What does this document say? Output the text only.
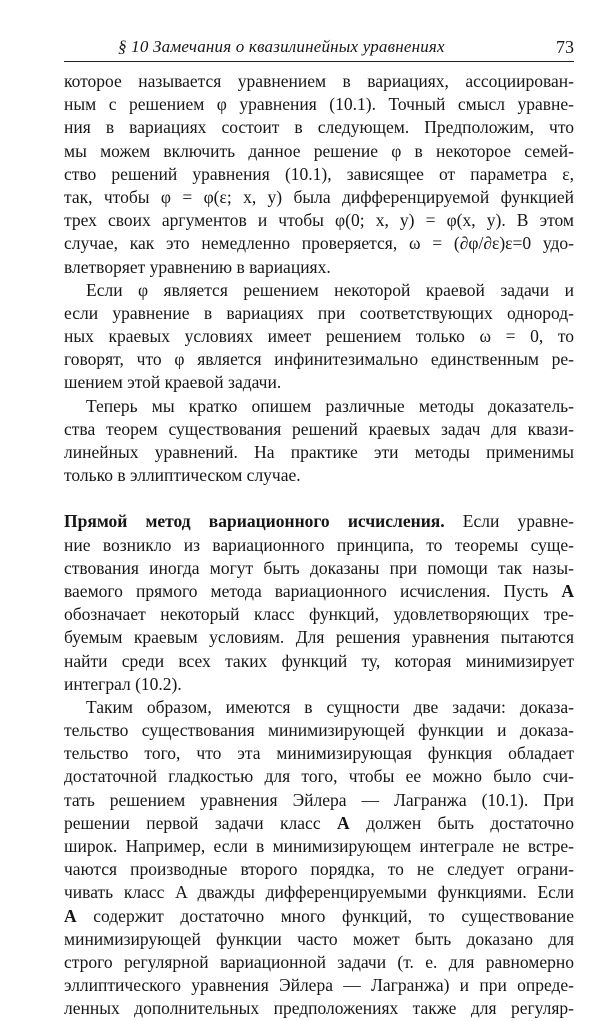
§ 10 Замечания о квазилинейных уравнениях	73
которое называется уравнением в вариациях, ассоциирован-
ным с решением φ уравнения (10.1). Точный смысл уравне-
ния в вариациях состоит в следующем. Предположим, что
мы можем включить данное решение φ в некоторое семей-
ство решений уравнения (10.1), зависящее от параметра ε,
так, чтобы φ = φ(ε; x, y) была дифференцируемой функцией
трех своих аргументов и чтобы φ(0; x, y) = φ(x, y). В этом
случае, как это немедленно проверяется, ω = (∂φ/∂ε)ε=0 удо-
влетворяет уравнению в вариациях.
Если φ является решением некоторой краевой задачи и
если уравнение в вариациях при соответствующих однород-
ных краевых условиях имеет решением только ω = 0, то
говорят, что φ является инфинитезимально единственным ре-
шением этой краевой задачи.
Теперь мы кратко опишем различные методы доказатель-
ства теорем существования решений краевых задач для квази-
линейных уравнений. На практике эти методы применимы
только в эллиптическом случае.
Прямой метод вариационного исчисления. Если уравне-
ние возникло из вариационного принципа, то теоремы суще-
ствования иногда могут быть доказаны при помощи так назы-
ваемого прямого метода вариационного исчисления. Пусть A
обозначает некоторый класс функций, удовлетворяющих тре-
буемым краевым условиям. Для решения уравнения пытаются
найти среди всех таких функций ту, которая минимизирует
интеграл (10.2).
Таким образом, имеются в сущности две задачи: доказа-
тельство существования минимизирующей функции и доказа-
тельство того, что эта минимизирующая функция обладает
достаточной гладкостью для того, чтобы ее можно было счи-
тать решением уравнения Эйлера — Лагранжа (10.1). При
решении первой задачи класс A должен быть достаточно
широк. Например, если в минимизирующем интеграле не встре-
чаются производные второго порядка, то не следует ограни-
чивать класс A дважды дифференцируемыми функциями. Если
A содержит достаточно много функций, то существование
минимизирующей функции часто может быть доказано для
строго регулярной вариационной задачи (т. е. для равномерно
эллиптического уравнения Эйлера — Лагранжа) и при опреде-
ленных дополнительных предположениях также для регуляр-
